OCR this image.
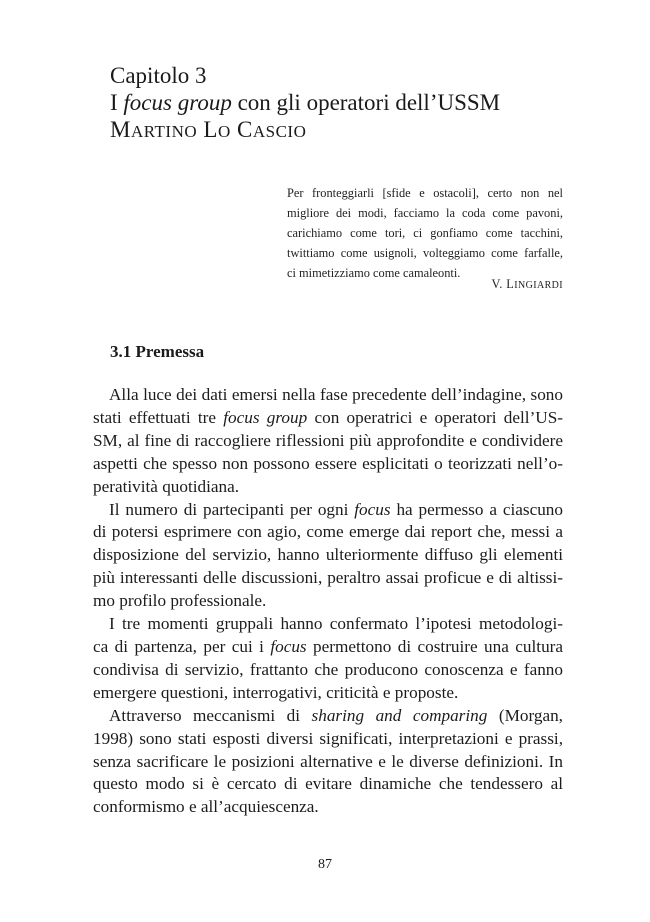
Capitolo 3
I focus group con gli operatori dell’USSM
MARTINO LO CASCIO
Per fronteggiarli [sfide e ostacoli], certo non nel
migliore dei modi, facciamo la coda come pavoni,
carichiamo come tori, ci gonfiamo come tacchini,
twittiamo come usignoli, volteggiamo come farfalle,
ci mimetizziamo come camaleonti.
V. LINGIARDI
3.1 Premessa
Alla luce dei dati emersi nella fase precedente dell’indagine, sono
stati effettuati tre focus group con operatrici e operatori dell’US-
SM, al fine di raccogliere riflessioni più approfondite e condividere
aspetti che spesso non possono essere esplicitati o teorizzati nell’o-
peratività quotidiana.
Il numero di partecipanti per ogni focus ha permesso a ciascuno
di potersi esprimere con agio, come emerge dai report che, messi a
disposizione del servizio, hanno ulteriormente diffuso gli elementi
più interessanti delle discussioni, peraltro assai proficue e di altissi-
mo profilo professionale.
I tre momenti gruppali hanno confermato l’ipotesi metodologi-
ca di partenza, per cui i focus permettono di costruire una cultura
condivisa di servizio, frattanto che producono conoscenza e fanno
emergere questioni, interrogativi, criticità e proposte.
Attraverso meccanismi di sharing and comparing (Morgan,
1998) sono stati esposti diversi significati, interpretazioni e prassi,
senza sacrificare le posizioni alternative e le diverse definizioni. In
questo modo si è cercato di evitare dinamiche che tendessero al
conformismo e all’acquiescenza.
87
